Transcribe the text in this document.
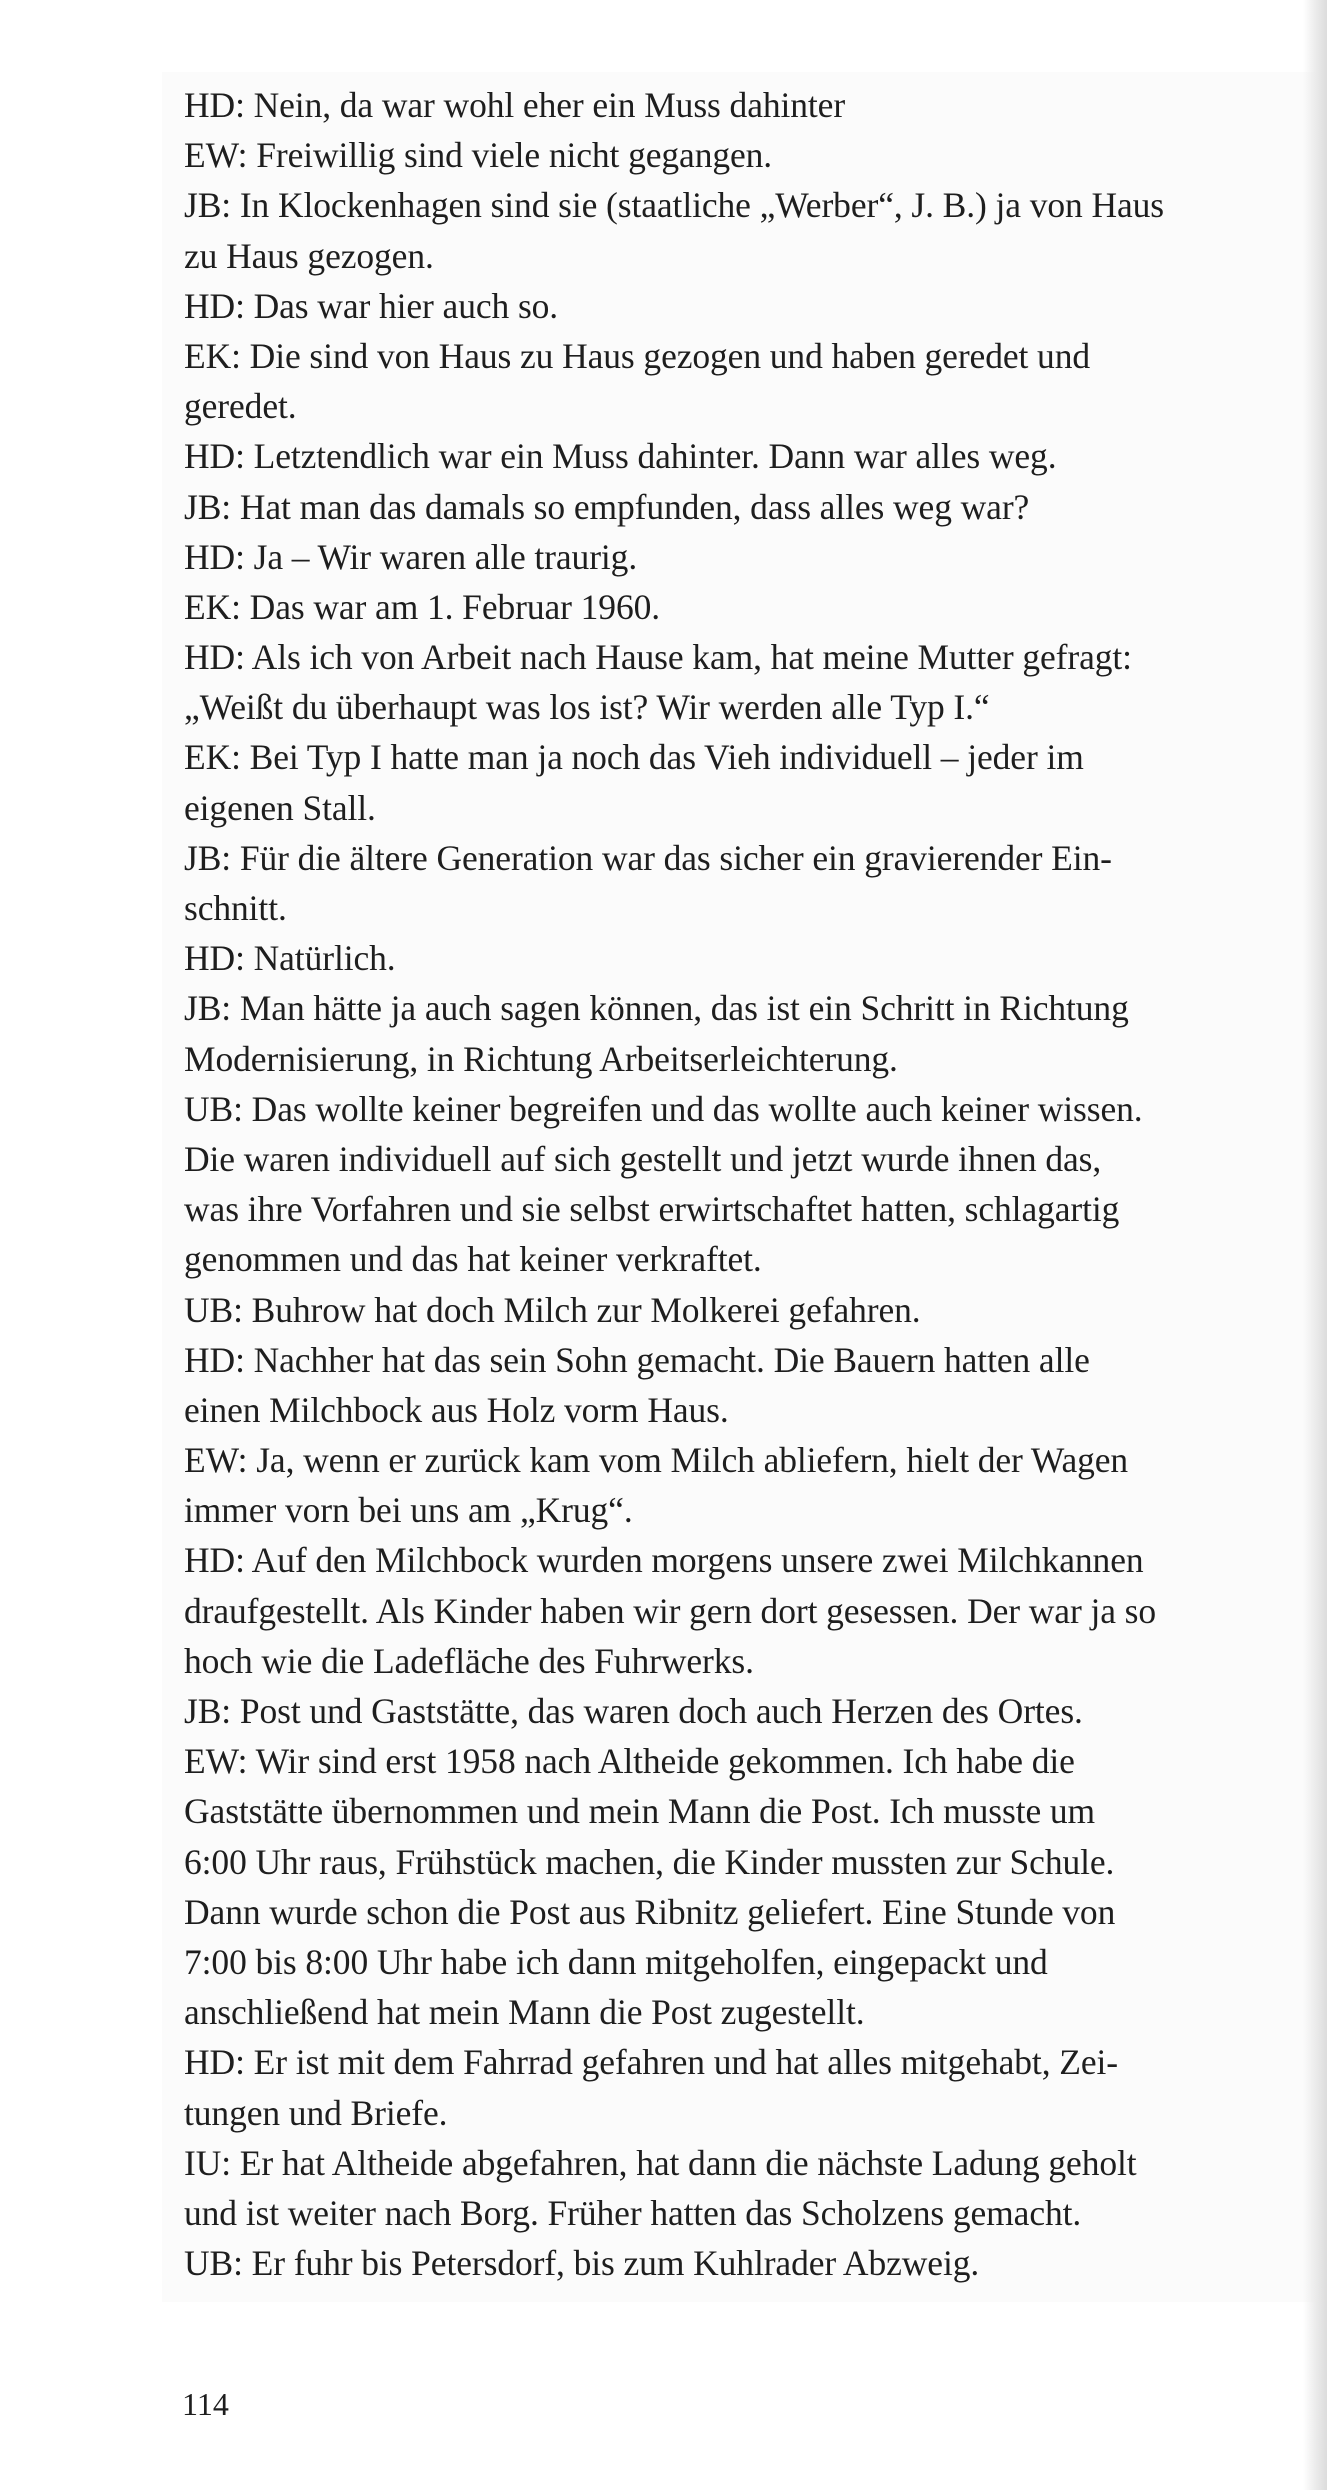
HD: Nein, da war wohl eher ein Muss dahinter
EW: Freiwillig sind viele nicht gegangen.
JB: In Klockenhagen sind sie (staatliche „Werber“, J. B.) ja von Haus
zu Haus gezogen.
HD: Das war hier auch so.
EK: Die sind von Haus zu Haus gezogen und haben geredet und
geredet.
HD: Letztendlich war ein Muss dahinter. Dann war alles weg.
JB: Hat man das damals so empfunden, dass alles weg war?
HD: Ja – Wir waren alle traurig.
EK: Das war am 1. Februar 1960.
HD: Als ich von Arbeit nach Hause kam, hat meine Mutter gefragt:
„Weißt du überhaupt was los ist? Wir werden alle Typ I.“
EK: Bei Typ I hatte man ja noch das Vieh individuell – jeder im
eigenen Stall.
JB: Für die ältere Generation war das sicher ein gravierender Ein-
schnitt.
HD: Natürlich.
JB: Man hätte ja auch sagen können, das ist ein Schritt in Richtung
Modernisierung, in Richtung Arbeitserleichterung.
UB: Das wollte keiner begreifen und das wollte auch keiner wissen.
Die waren individuell auf sich gestellt und jetzt wurde ihnen das,
was ihre Vorfahren und sie selbst erwirtschaftet hatten, schlagartig
genommen und das hat keiner verkraftet.
UB: Buhrow hat doch Milch zur Molkerei gefahren.
HD: Nachher hat das sein Sohn gemacht. Die Bauern hatten alle
einen Milchbock aus Holz vorm Haus.
EW: Ja, wenn er zurück kam vom Milch abliefern, hielt der Wagen
immer vorn bei uns am „Krug“.
HD: Auf den Milchbock wurden morgens unsere zwei Milchkannen
draufgestellt. Als Kinder haben wir gern dort gesessen. Der war ja so
hoch wie die Ladefläche des Fuhrwerks.
JB: Post und Gaststätte, das waren doch auch Herzen des Ortes.
EW: Wir sind erst 1958 nach Altheide gekommen. Ich habe die
Gaststätte übernommen und mein Mann die Post. Ich musste um
6:00 Uhr raus, Frühstück machen, die Kinder mussten zur Schule.
Dann wurde schon die Post aus Ribnitz geliefert. Eine Stunde von
7:00 bis 8:00 Uhr habe ich dann mitgeholfen, eingepackt und
anschließend hat mein Mann die Post zugestellt.
HD: Er ist mit dem Fahrrad gefahren und hat alles mitgehabt, Zei-
tungen und Briefe.
IU: Er hat Altheide abgefahren, hat dann die nächste Ladung geholt
und ist weiter nach Borg. Früher hatten das Scholzens gemacht.
UB: Er fuhr bis Petersdorf, bis zum Kuhlrader Abzweig.
114
